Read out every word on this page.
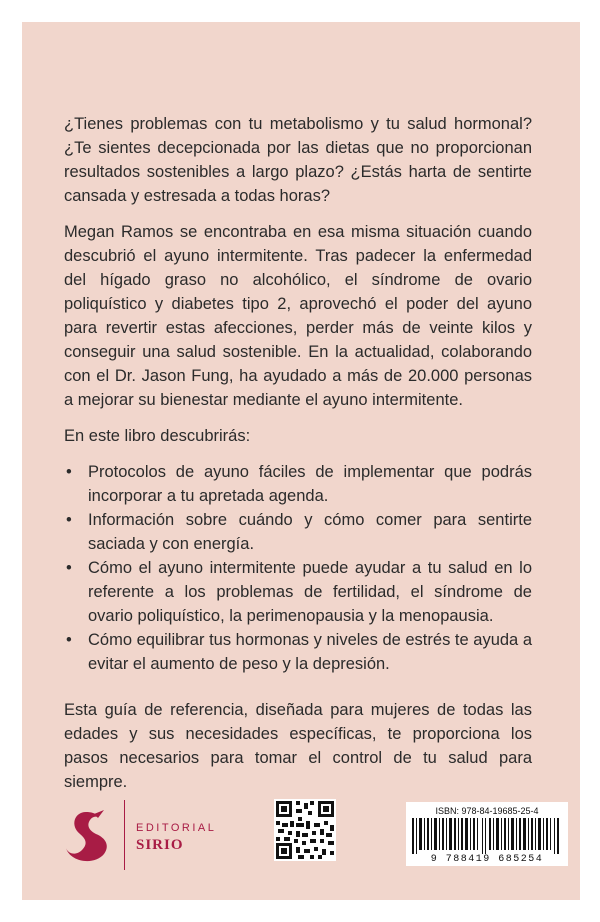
¿Tienes problemas con tu metabolismo y tu salud hormonal? ¿Te sientes decepcionada por las dietas que no proporcionan resultados sostenibles a largo plazo? ¿Estás harta de sentirte cansada y estresada a todas horas?

Megan Ramos se encontraba en esa misma situación cuando descubrió el ayuno intermitente. Tras padecer la enfermedad del hígado graso no alcohólico, el síndrome de ovario poliquístico y diabetes tipo 2, aprovechó el poder del ayuno para revertir estas afecciones, perder más de veinte kilos y conseguir una salud sostenible. En la actualidad, colaborando con el Dr. Jason Fung, ha ayudado a más de 20.000 personas a mejorar su bienestar mediante el ayuno intermitente.

En este libro descubrirás:

• Protocolos de ayuno fáciles de implementar que podrás incorporar a tu apretada agenda.
• Información sobre cuándo y cómo comer para sentirte saciada y con energía.
• Cómo el ayuno intermitente puede ayudar a tu salud en lo referente a los problemas de fertilidad, el síndrome de ovario poliquístico, la perimenopausia y la menopausia.
• Cómo equilibrar tus hormonas y niveles de estrés te ayuda a evitar el aumento de peso y la depresión.

Esta guía de referencia, diseñada para mujeres de todas las edades y sus necesidades específicas, te proporciona los pasos necesarios para tomar el control de tu salud para siempre.

EDITORIAL
SIRIO
ISBN: 978-84-19685-25-4
9 788419 685254
